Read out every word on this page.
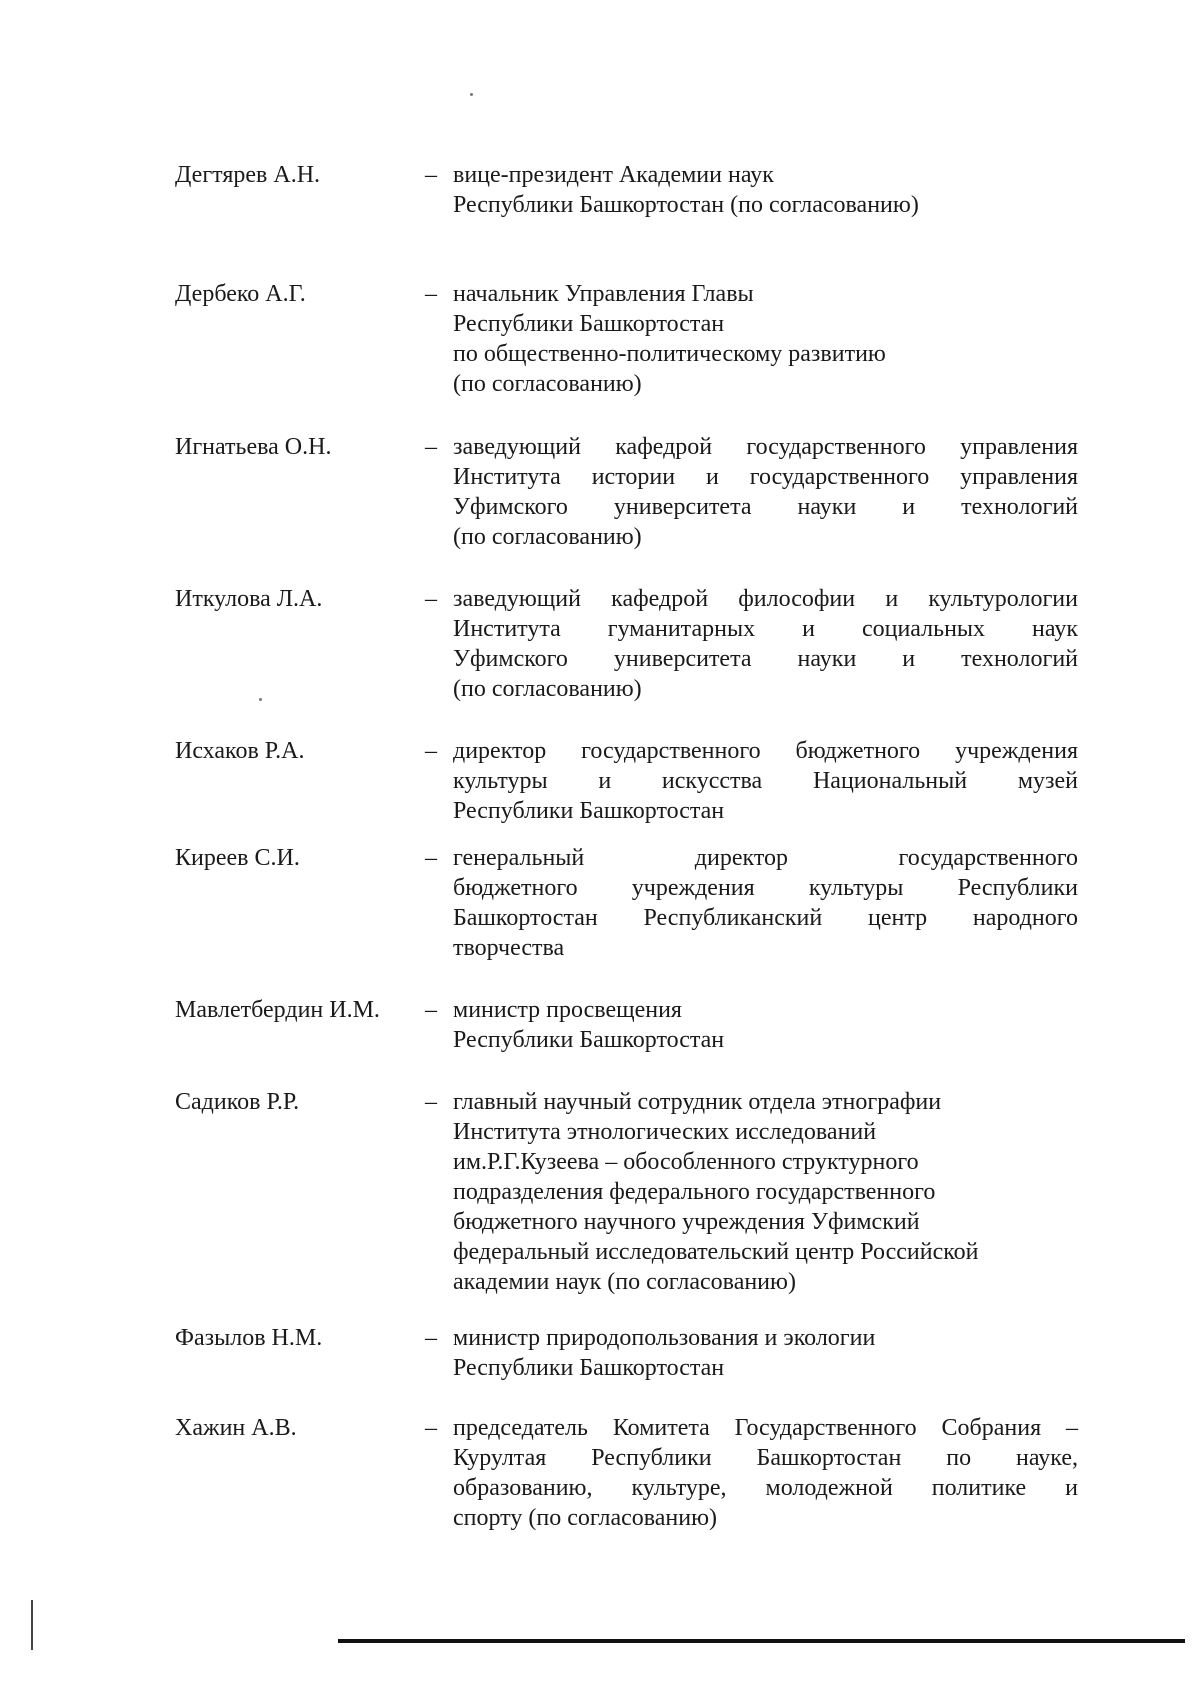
Дегтярев А.Н.	– вице-президент Академии наук
Республики Башкортостан (по согласованию)
Дербеко А.Г.	– начальник Управления Главы
Республики Башкортостан
по общественно-политическому развитию
(по согласованию)
Игнатьева О.Н.	– заведующий кафедрой государственного управления
Института истории и государственного управления
Уфимского университета науки и технологий
(по согласованию)
Иткулова Л.А.	– заведующий кафедрой философии и культурологии
Института гуманитарных и социальных наук
Уфимского университета науки и технологий
(по согласованию)
Исхаков Р.А.	– директор государственного бюджетного учреждения
культуры и искусства Национальный музей
Республики Башкортостан
Киреев С.И.	– генеральный директор государственного
бюджетного учреждения культуры Республики
Башкортостан Республиканский центр народного
творчества
Мавлетбердин И.М.	– министр просвещения
Республики Башкортостан
Садиков Р.Р.	– главный научный сотрудник отдела этнографии
Института этнологических исследований
им.Р.Г.Кузеева – обособленного структурного
подразделения федерального государственного
бюджетного научного учреждения Уфимский
федеральный исследовательский центр Российской
академии наук (по согласованию)
Фазылов Н.М.	– министр природопользования и экологии
Республики Башкортостан
Хажин А.В.	– председатель Комитета Государственного Собрания –
Курултая Республики Башкортостан по науке,
образованию, культуре, молодежной политике и
спорту (по согласованию)
